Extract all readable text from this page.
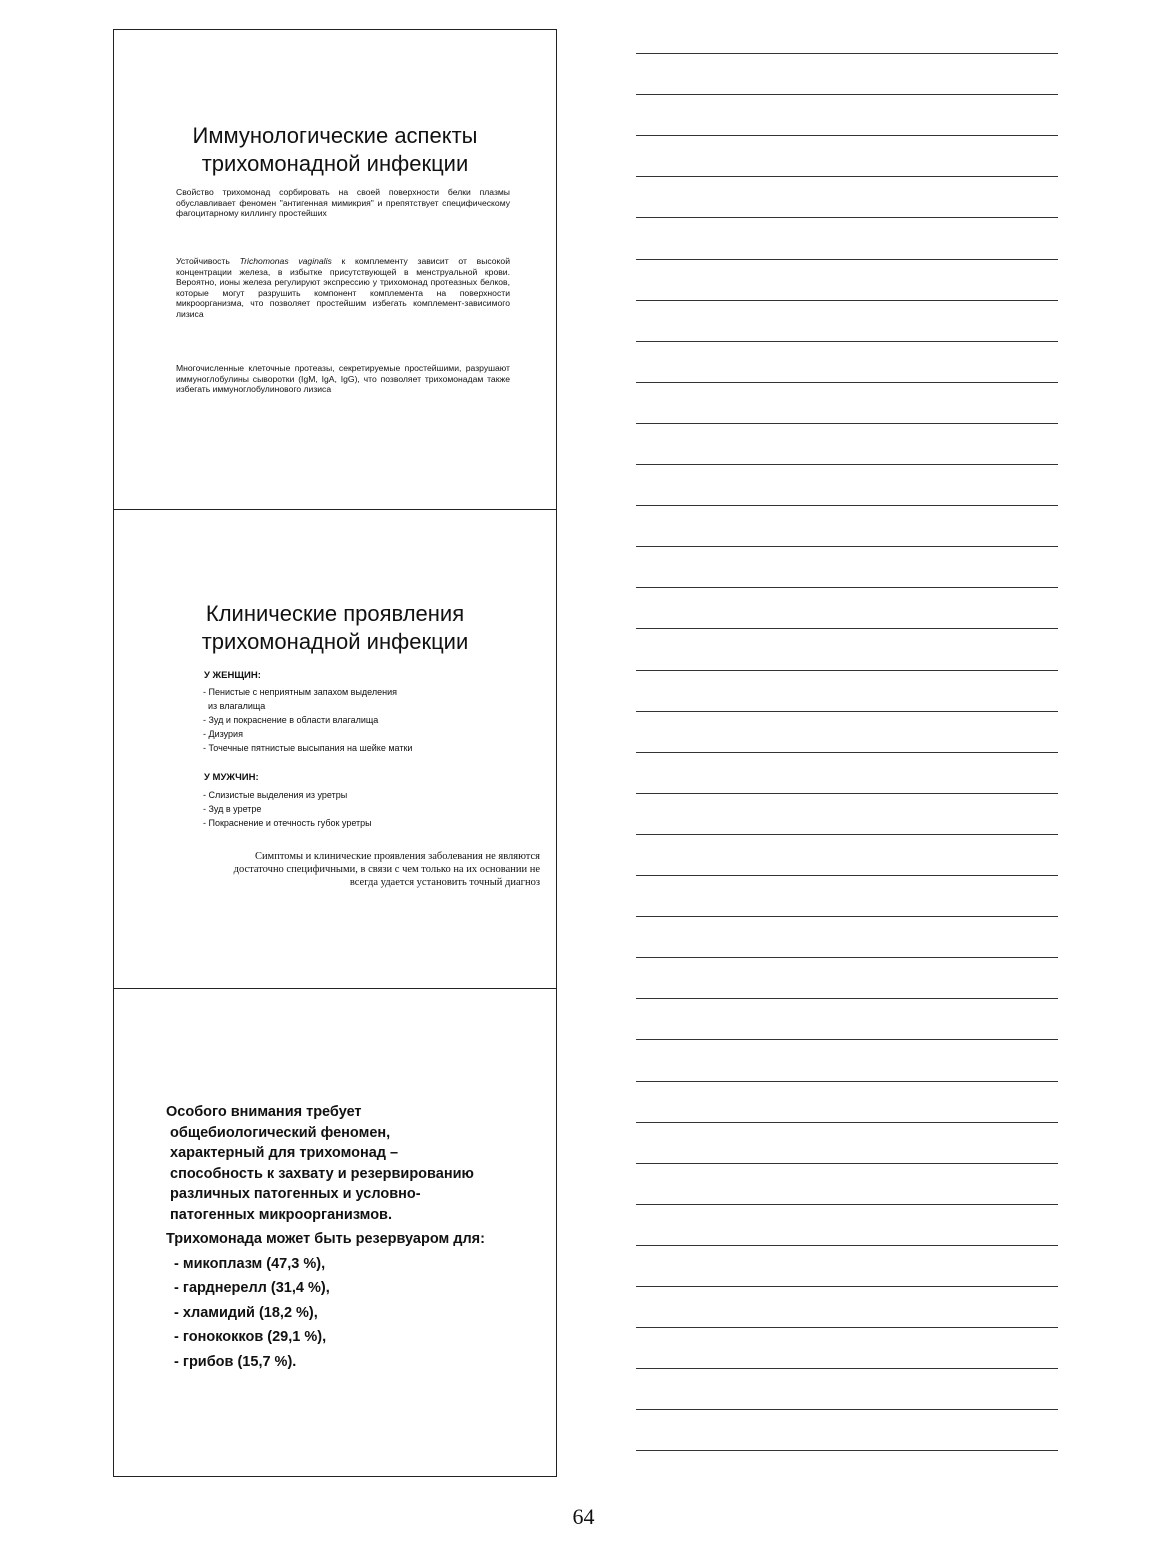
Иммунологические аспекты
трихомонадной инфекции
Свойство трихомонад сорбировать на своей поверхности белки плазмы обуславливает феномен "антигенная мимикрия" и препятствует специфическому фагоцитарному киллингу простейших
Устойчивость Trichomonas vaginalis к комплементу зависит от высокой концентрации железа, в избытке присутствующей в менструальной крови. Вероятно, ионы железа регулируют экспрессию у трихомонад протеазных белков, которые могут разрушить компонент комплемента на поверхности микроорганизма, что позволяет простейшим избегать комплемент-зависимого лизиса
Многочисленные клеточные протеазы, секретируемые простейшими, разрушают иммуноглобулины сыворотки (IgM, IgA, IgG), что позволяет трихомонадам также избегать иммуноглобулинового лизиса
Клинические проявления
трихомонадной инфекции
У ЖЕНЩИН:
- Пенистые с неприятным запахом выделения
из влагалища
- Зуд и покраснение в области влагалища
- Дизурия
- Точечные пятнистые высыпания на шейке матки
У МУЖЧИН:
- Слизистые выделения из уретры
- Зуд в уретре
- Покраснение и отечность губок уретры
Симптомы и клинические проявления заболевания не являются достаточно специфичными, в связи с чем только на их основании не всегда удается установить точный диагноз
Особого внимания требует
общебиологический феномен,
характерный для трихомонад –
способность к захвату и резервированию
различных патогенных и условно-
патогенных микроорганизмов.
Трихомонада может быть резервуаром для:
- микоплазм (47,3 %),
- гарднерелл (31,4 %),
- хламидий (18,2 %),
- гонококков (29,1 %),
- грибов (15,7 %).
64
